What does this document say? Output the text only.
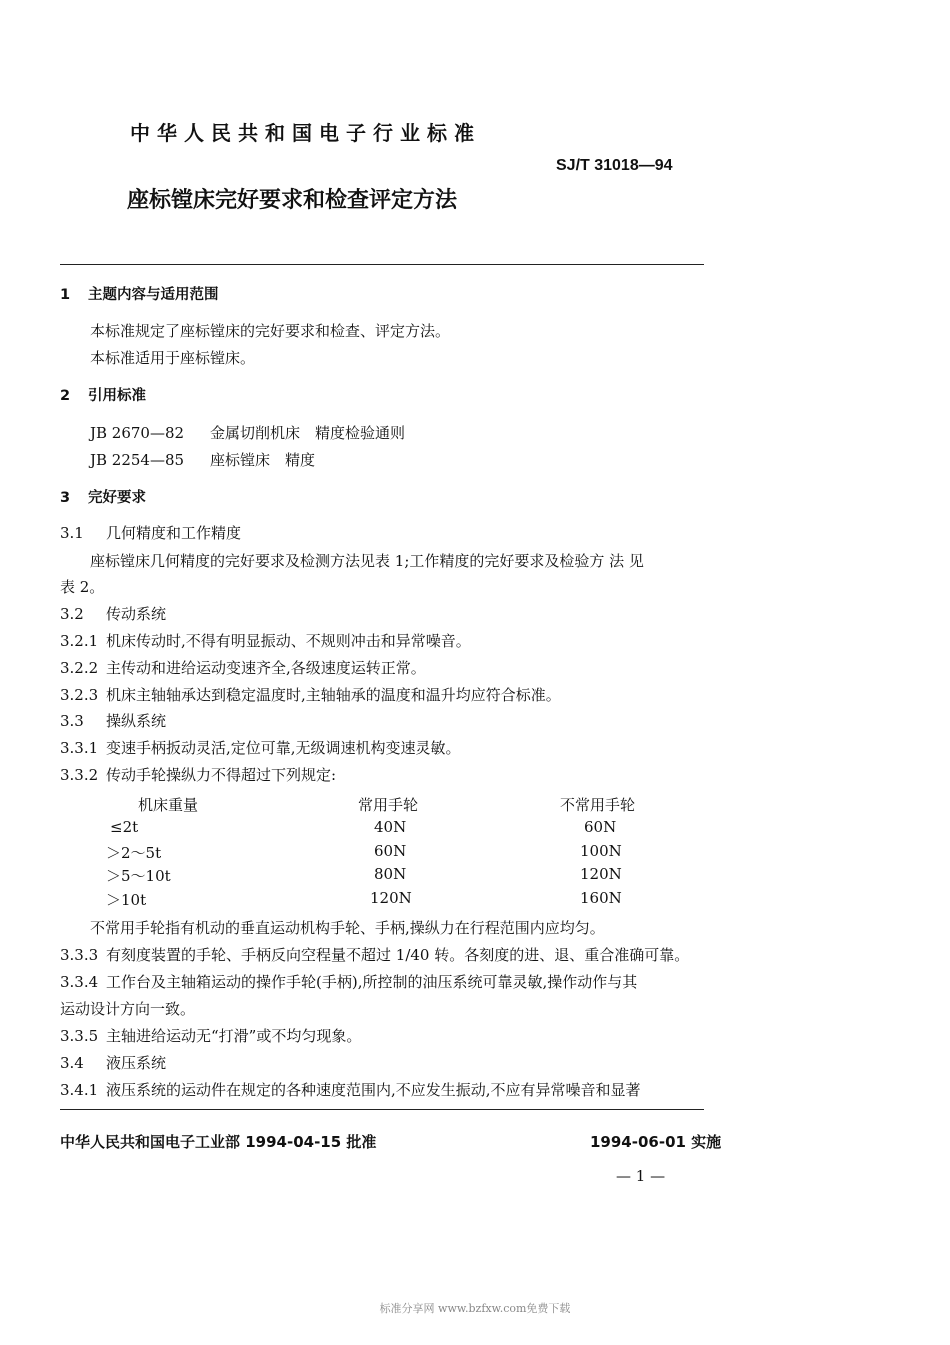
中华人民共和国电子行业标准
SJ/T 31018—94
座标镗床完好要求和检查评定方法
1 主题内容与适用范围
本标准规定了座标镗床的完好要求和检查、评定方法。
本标准适用于座标镗床。
2 引用标准
JB 2670—82 金属切削机床　精度检验通则
JB 2254—85 座标镗床　精度
3 完好要求
3.1 几何精度和工作精度
座标镗床几何精度的完好要求及检测方法见表 1;工作精度的完好要求及检验方 法 见
表 2。
3.2 传动系统
3.2.1 机床传动时,不得有明显振动、不规则冲击和异常噪音。
3.2.2 主传动和进给运动变速齐全,各级速度运转正常。
3.2.3 机床主轴轴承达到稳定温度时,主轴轴承的温度和温升均应符合标准。
3.3 操纵系统
3.3.1 变速手柄扳动灵活,定位可靠,无级调速机构变速灵敏。
3.3.2 传动手轮操纵力不得超过下列规定:
机床重量	常用手轮	不常用手轮
≤2t	40N	60N
＞2～5t	60N	100N
＞5～10t	80N	120N
＞10t	120N	160N
不常用手轮指有机动的垂直运动机构手轮、手柄,操纵力在行程范围内应均匀。
3.3.3 有刻度装置的手轮、手柄反向空程量不超过 1/40 转。各刻度的进、退、重合准确可靠。
3.3.4 工作台及主轴箱运动的操作手轮(手柄),所控制的油压系统可靠灵敏,操作动作与其
运动设计方向一致。
3.3.5 主轴进给运动无“打滑”或不均匀现象。
3.4 液压系统
3.4.1 液压系统的运动件在规定的各种速度范围内,不应发生振动,不应有异常噪音和显著
中华人民共和国电子工业部 1994-04-15 批准	1994-06-01 实施
— 1 —
标准分享网 www.bzfxw.com免费下载
